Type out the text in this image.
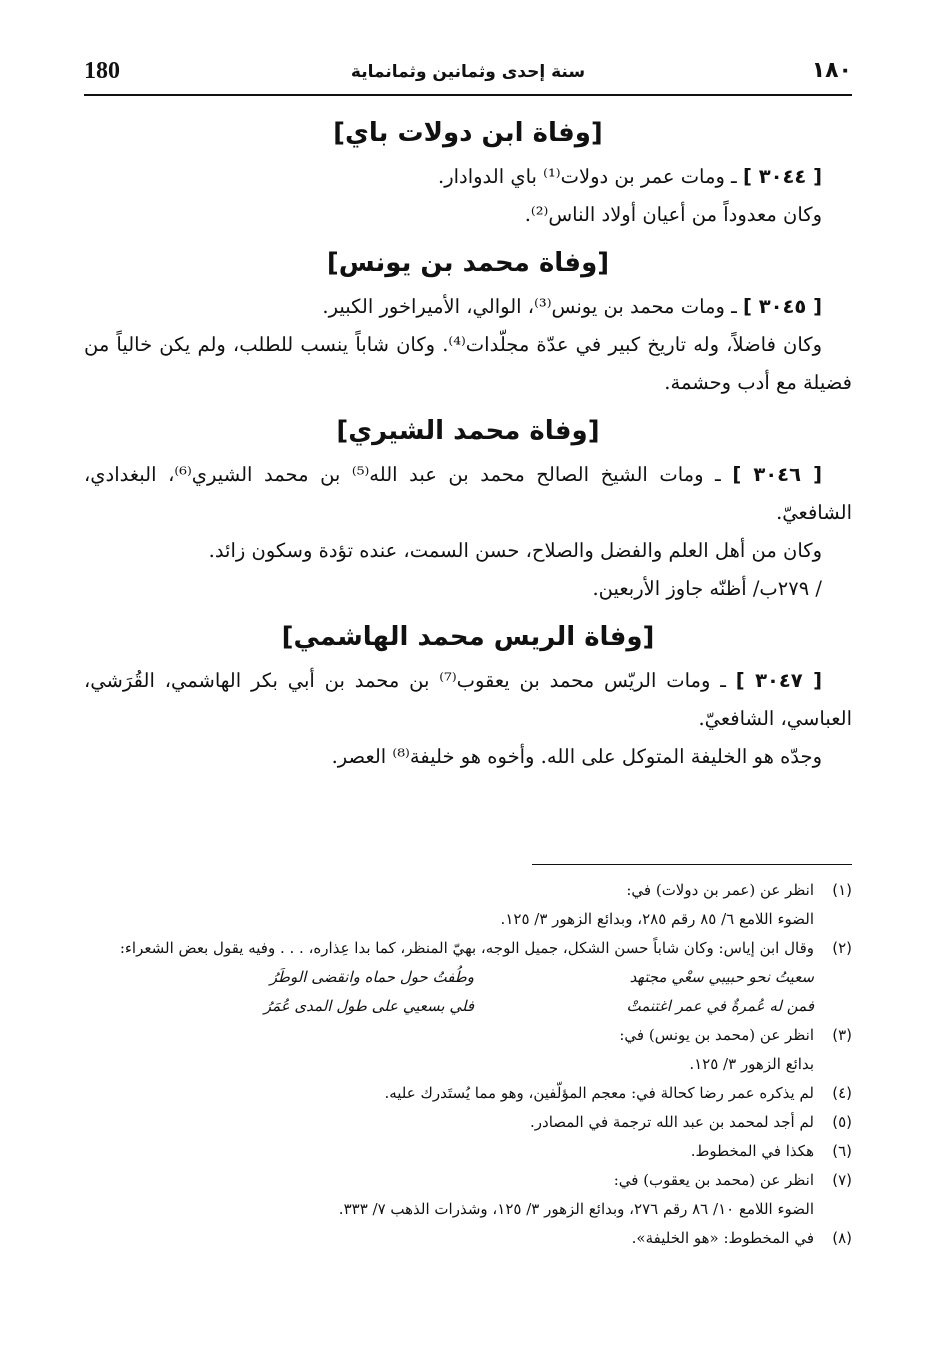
180	سنة إحدى وثمانين وثمانماية	١٨٠
[وفاة ابن دولات باي]

[ ٣٠٤٤ ] ـ ومات عمر بن دولات⁽¹⁾ باي الدوادار.

وكان معدوداً من أعيان أولاد الناس⁽²⁾.

[وفاة محمد بن يونس]

[ ٣٠٤٥ ] ـ ومات محمد بن يونس⁽³⁾، الوالي، الأميراخور الكبير.

وكان فاضلاً، وله تاريخ كبير في عدّة مجلّدات⁽⁴⁾. وكان شاباً ينسب للطلب، ولم يكن خالياً من فضيلة مع أدب وحشمة.

[وفاة محمد الشيري]

[ ٣٠٤٦ ] ـ ومات الشيخ الصالح محمد بن عبد الله⁽⁵⁾ بن محمد الشيري⁽⁶⁾، البغدادي، الشافعيّ.

وكان من أهل العلم والفضل والصلاح، حسن السمت، عنده تؤدة وسكون زائد.

/ ٢٧٩ب/ أظنّه جاوز الأربعين.

[وفاة الريس محمد الهاشمي]

[ ٣٠٤٧ ] ـ ومات الريّس محمد بن يعقوب⁽⁷⁾ بن محمد بن أبي بكر الهاشمي، القُرَشي، العباسي، الشافعيّ.

وجدّه هو الخليفة المتوكل على الله. وأخوه هو خليفة⁽⁸⁾ العصر.

(١)
انظر عن (عمر بن دولات) في:
الضوء اللامع ٦/ ٨٥ رقم ٢٨٥، وبدائع الزهور ٣/ ١٢٥.
(٢)
وقال ابن إياس: وكان شاباً حسن الشكل، جميل الوجه، بهيّ المنظر، كما بدا عِذاره، . . . وفيه يقول بعض الشعراء:
سعيتُ نحو حبيبي سعْي مجتهد
وطُفتُ حول حماه وانقضى الوطَرُ
فمن له عُمرةٌ في عمر اغتنمتْ
فلي بسعيي على طول المدى عُمَرُ
(٣)
انظر عن (محمد بن يونس) في:
بدائع الزهور ٣/ ١٢٥.
(٤)
لم يذكره عمر رضا كحالة في: معجم المؤلّفين، وهو مما يُستَدرك عليه.
(٥)
لم أجد لمحمد بن عبد الله ترجمة في المصادر.
(٦)
هكذا في المخطوط.
(٧)
انظر عن (محمد بن يعقوب) في:
الضوء اللامع ١٠/ ٨٦ رقم ٢٧٦، وبدائع الزهور ٣/ ١٢٥، وشذرات الذهب ٧/ ٣٣٣.
(٨)
في المخطوط: «هو الخليفة».
